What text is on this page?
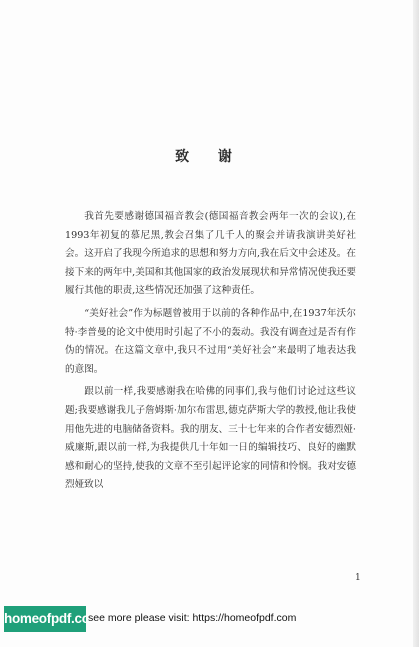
致 谢

我首先要感谢德国福音教会(德国福音教会两年一次的会议),在1993年初复的慕尼黑,教会召集了几千人的聚会并请我演讲美好社会。这开启了我现今所追求的思想和努力方向,我在后文中会述及。在接下来的两年中,美国和其他国家的政治发展现状和异常情况使我还要履行其他的职责,这些情况还加强了这种责任。

“美好社会”作为标题曾被用于以前的各种作品中,在1937年沃尔特·李普曼的论文中使用时引起了不小的轰动。我没有调查过是否有作伪的情况。在这篇文章中,我只不过用“美好社会”来最明了地表达我的意图。

跟以前一样,我要感谢我在哈佛的同事们,我与他们讨论过这些议题;我要感谢我儿子詹姆斯·加尔布雷思,德克萨斯大学的教授,他让我使用他先进的电脑储备资料。我的朋友、三十七年来的合作者安德烈娅·威廉斯,跟以前一样,为我提供几十年如一日的编辑技巧、良好的幽默感和耐心的坚持,使我的文章不至引起评论家的同情和怜悯。我对安德烈娅致以

1
homeofpdf.com
see more please visit: https://homeofpdf.com
